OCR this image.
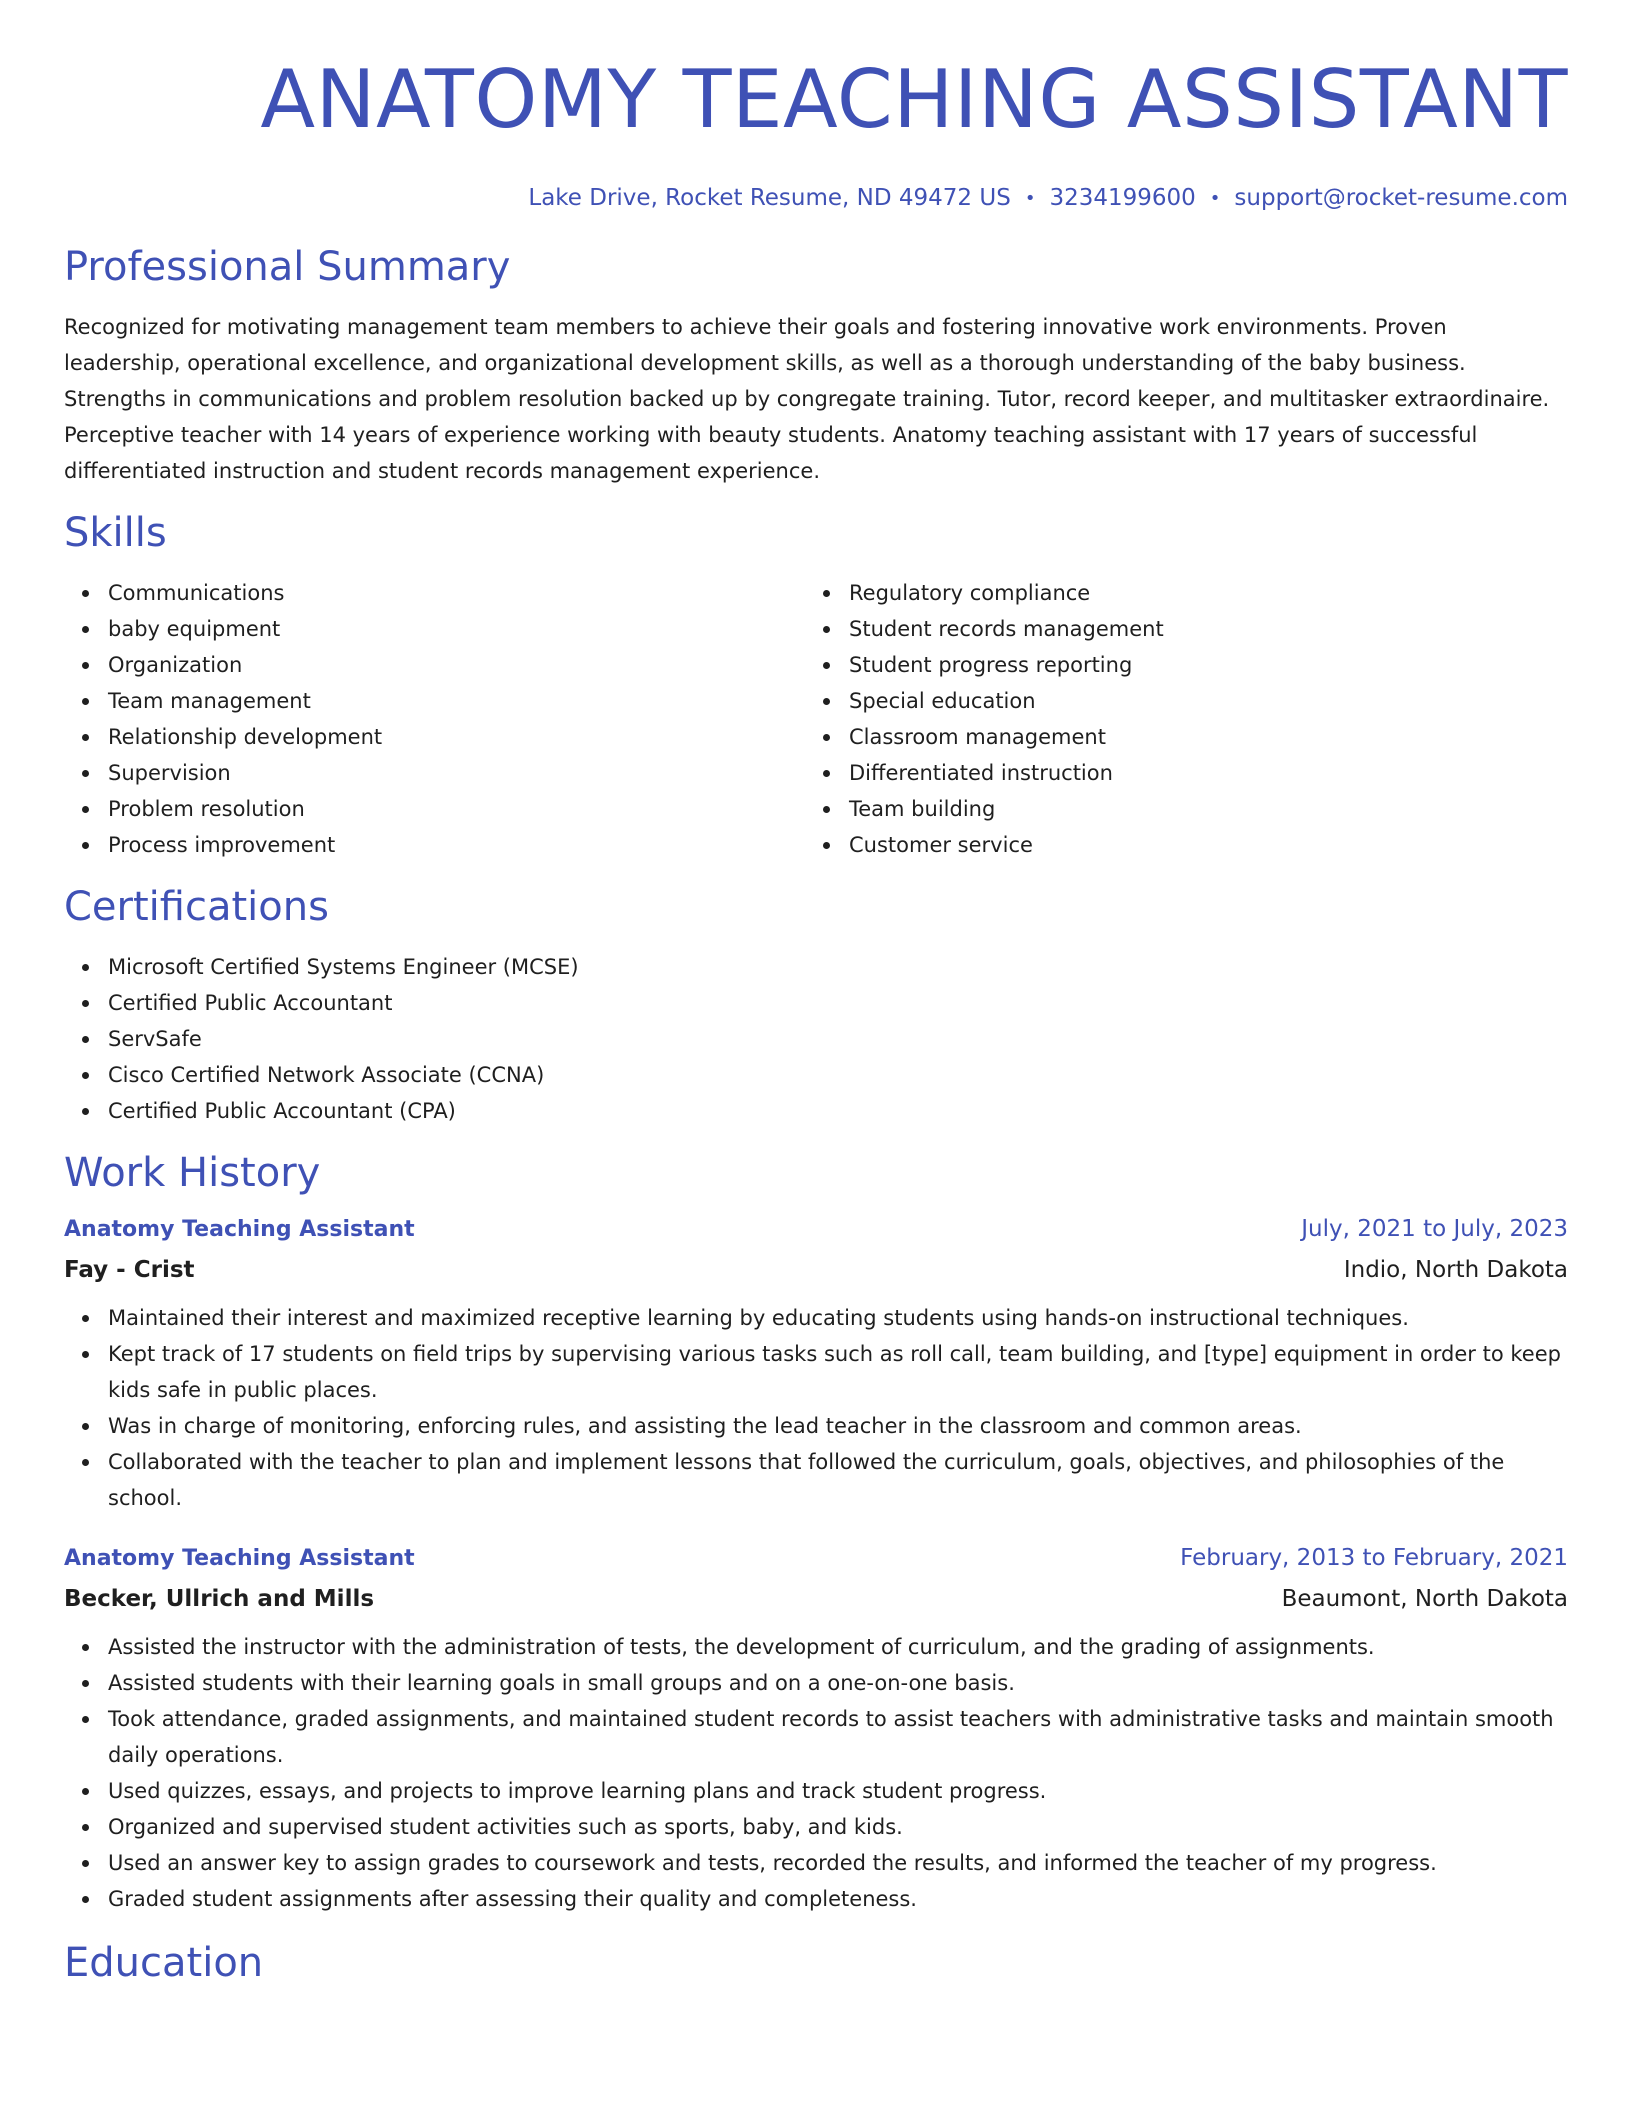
ANATOMY TEACHING ASSISTANT
Lake Drive, Rocket Resume, ND 49472 US • 3234199600 • support@rocket-resume.com
Professional Summary

Recognized for motivating management team members to achieve their goals and fostering innovative work environments. Proven leadership, operational excellence, and organizational development skills, as well as a thorough understanding of the baby business. Strengths in communications and problem resolution backed up by congregate training. Tutor, record keeper, and multitasker extraordinaire. Perceptive teacher with 14 years of experience working with beauty students. Anatomy teaching assistant with 17 years of successful differentiated instruction and student records management experience.

Skills
Communications
baby equipment
Organization
Team management
Relationship development
Supervision
Problem resolution
Process improvement
Regulatory compliance
Student records management
Student progress reporting
Special education
Classroom management
Differentiated instruction
Team building
Customer service
Certifications
Microsoft Certified Systems Engineer (MCSE)
Certified Public Accountant
ServSafe
Cisco Certified Network Associate (CCNA)
Certified Public Accountant (CPA)
Work History
Anatomy Teaching Assistant	July, 2021 to July, 2023
Fay - Crist	Indio, North Dakota
Maintained their interest and maximized receptive learning by educating students using hands-on instructional techniques.
Kept track of 17 students on field trips by supervising various tasks such as roll call, team building, and [type] equipment in order to keep kids safe in public places.
Was in charge of monitoring, enforcing rules, and assisting the lead teacher in the classroom and common areas.
Collaborated with the teacher to plan and implement lessons that followed the curriculum, goals, objectives, and philosophies of the school.
Anatomy Teaching Assistant	February, 2013 to February, 2021
Becker, Ullrich and Mills	Beaumont, North Dakota
Assisted the instructor with the administration of tests, the development of curriculum, and the grading of assignments.
Assisted students with their learning goals in small groups and on a one-on-one basis.
Took attendance, graded assignments, and maintained student records to assist teachers with administrative tasks and maintain smooth daily operations.
Used quizzes, essays, and projects to improve learning plans and track student progress.
Organized and supervised student activities such as sports, baby, and kids.
Used an answer key to assign grades to coursework and tests, recorded the results, and informed the teacher of my progress.
Graded student assignments after assessing their quality and completeness.
Education
